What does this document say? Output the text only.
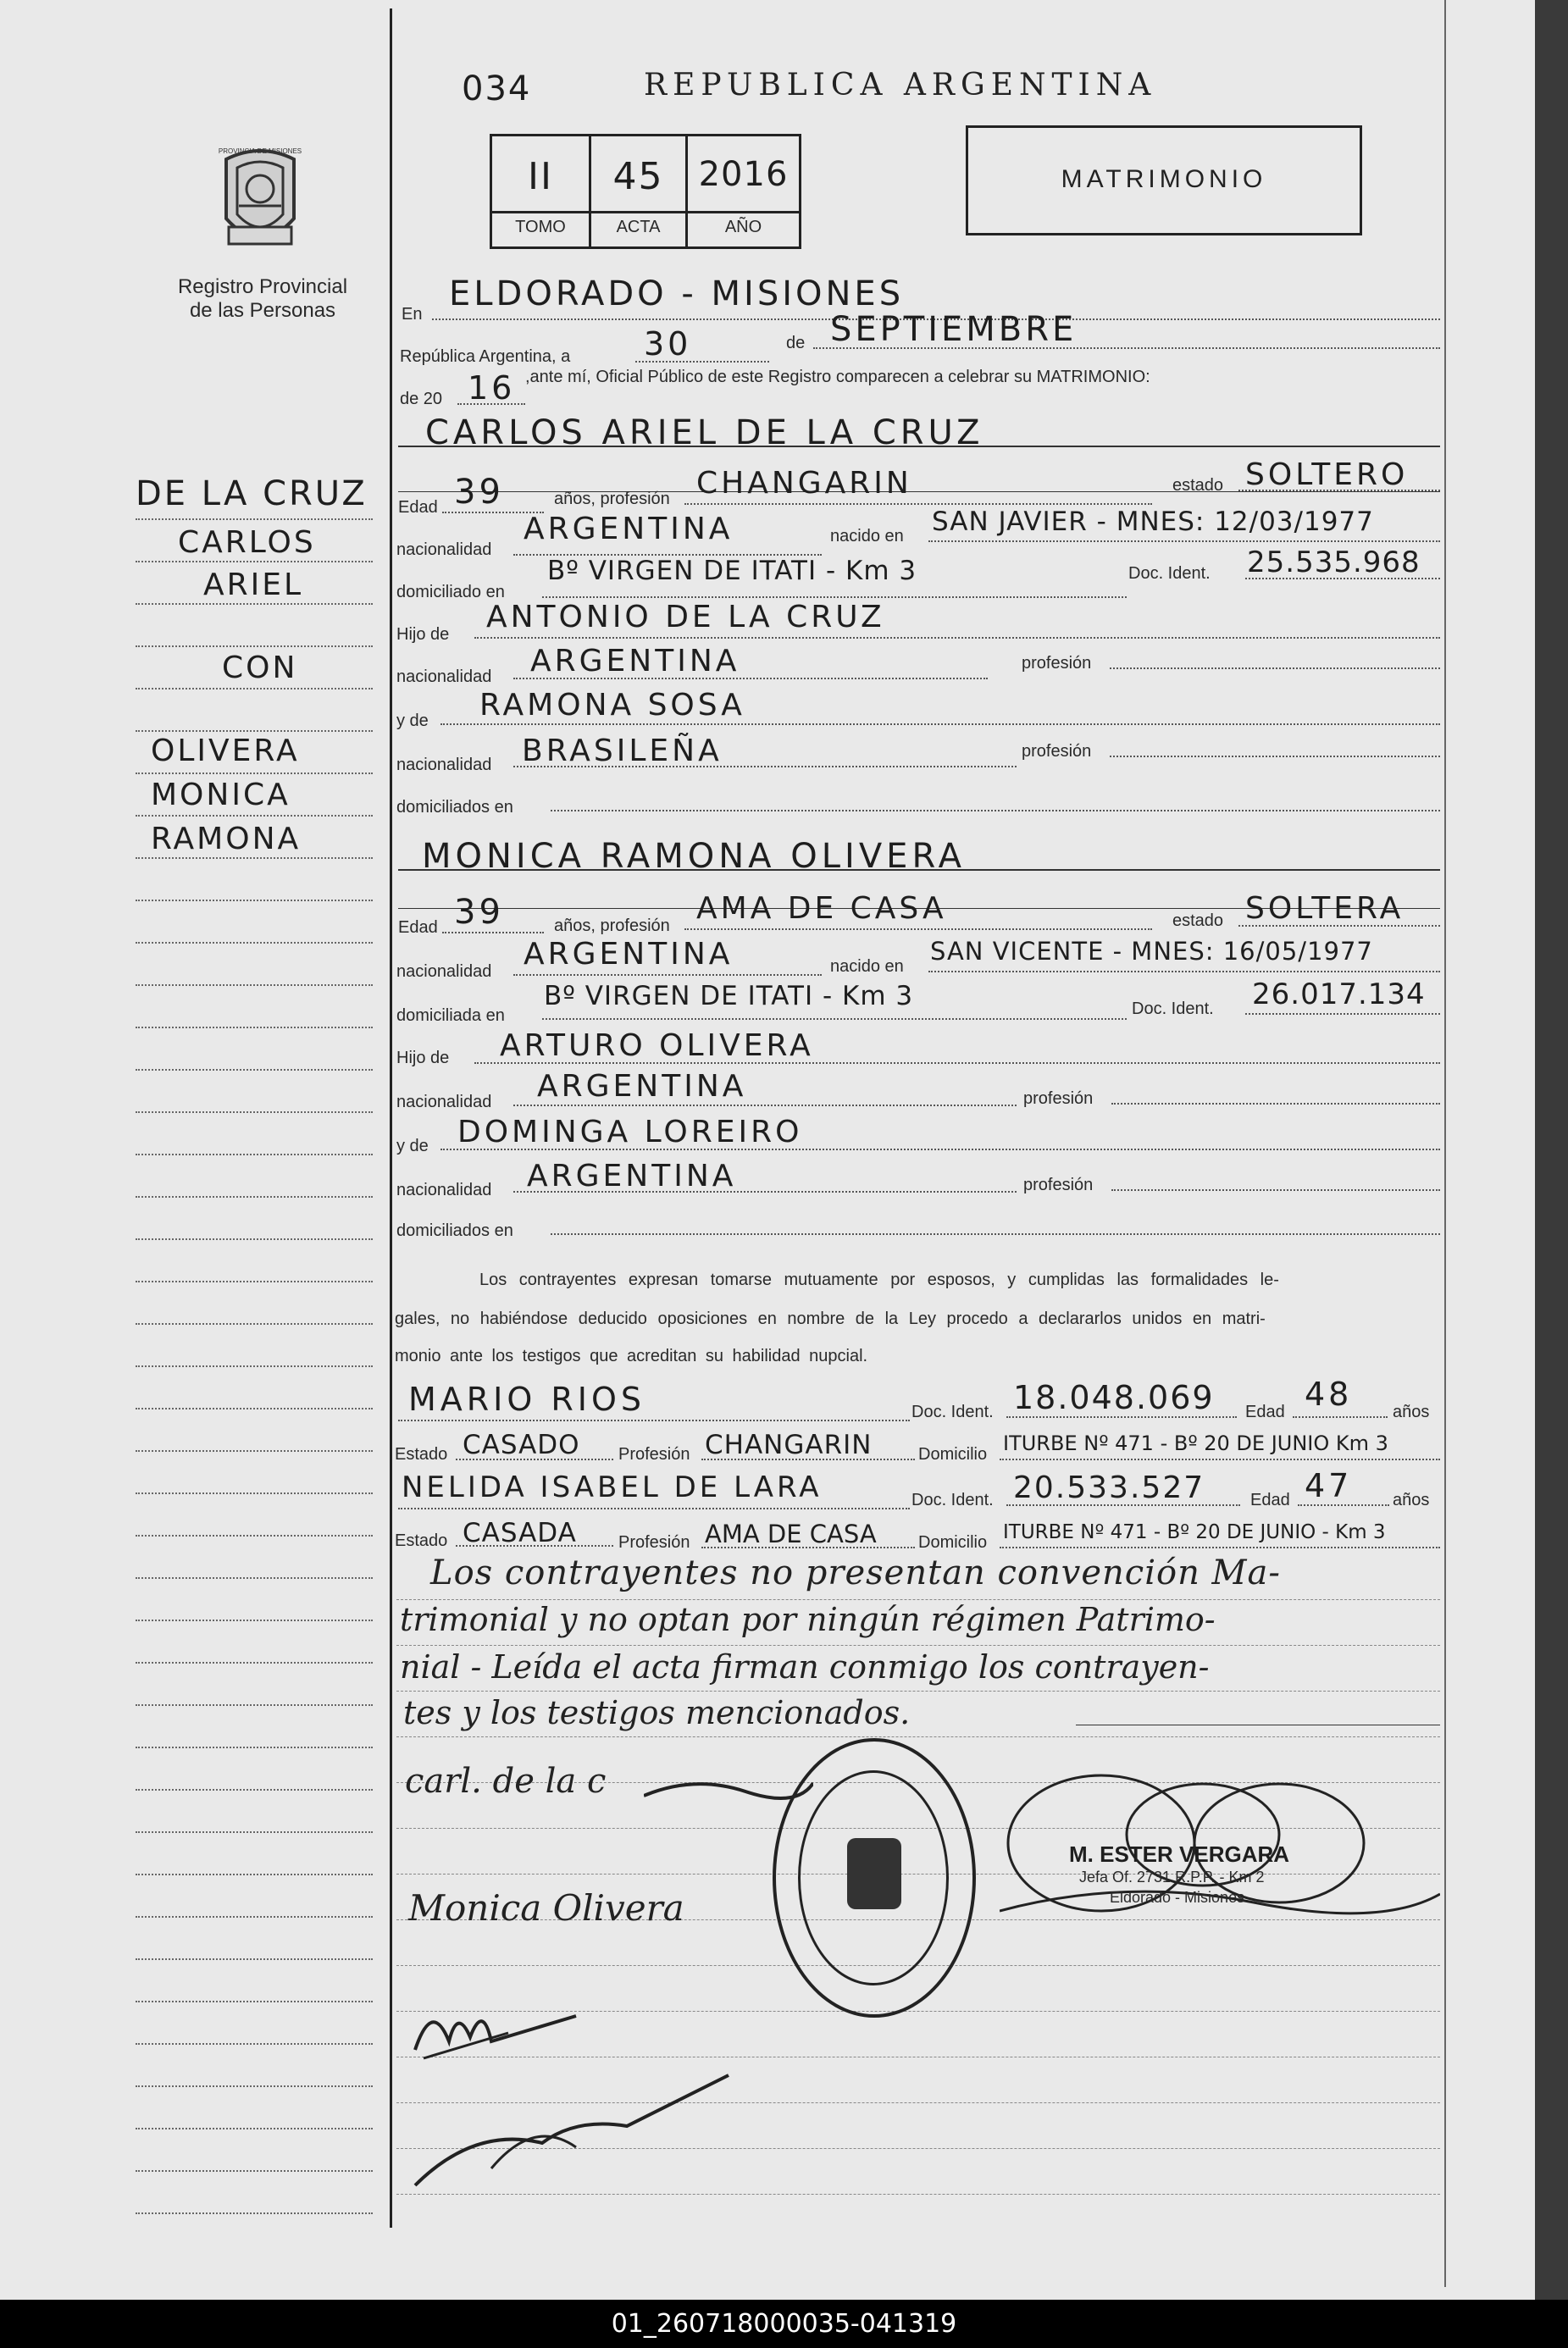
034	REPUBLICA ARGENTINA
PROVINCIA DE MISIONES
Registro Provincial
de las Personas
II	45	2016
TOMO	ACTA	AÑO
MATRIMONIO
DE LA CRUZ
CARLOS
ARIEL
CON
OLIVERA
MONICA
RAMONA
En
ELDORADO - MISIONES
República Argentina, a 30	de SEPTIEMBRE
de 20 16 ,ante mí, Oficial Público de este Registro comparecen a celebrar su MATRIMONIO:
CARLOS ARIEL DE LA CRUZ
Edad 39	años, profesión CHANGARIN	estado SOLTERO
nacionalidad
ARGENTINA	nacido en SAN JAVIER - MNES: 12/03/1977
domiciliado en
Bº VIRGEN DE ITATI - Km 3	Doc. Ident. 25.535.968
Hijo de ANTONIO DE LA CRUZ
nacionalidad ARGENTINA	profesión
y de RAMONA SOSA
nacionalidad BRASILEÑA	profesión
domiciliados en
MONICA RAMONA OLIVERA
Edad 39	años, profesión AMA DE CASA	estado SOLTERA
nacionalidad ARGENTINA	nacido en
SAN VICENTE - MNES: 16/05/1977
domiciliada en
Bº VIRGEN DE ITATI - Km 3	Doc. Ident. 26.017.134
Hijo de ARTURO OLIVERA
nacionalidad ARGENTINA	profesión
y de DOMINGA LOREIRO
nacionalidad ARGENTINA	profesión
domiciliados en
Los contrayentes expresan tomarse mutuamente por esposos, y cumplidas las formalidades le-
gales, no habiéndose deducido oposiciones en nombre de la Ley procedo a declararlos unidos en matri-
monio ante los testigos que acreditan su habilidad nupcial.
MARIO RIOS	Doc. Ident. 18.048.069 Edad 48 años
Estado CASADO Profesión CHANGARIN	Domicilio ITURBE Nº 471 - Bº 20 DE JUNIO Km 3
NELIDA ISABEL DE LARA	Doc. Ident. 20.533.527	Edad 47 años
Estado CASADA Profesión AMA DE CASA Domicilio ITURBE Nº 471 - Bº 20 DE JUNIO - Km 3
Los contrayentes no presentan convención Ma-
trimonial y no optan por ningún régimen Patrimo-
nial - Leída el acta firman conmigo los contrayen-
tes y los testigos mencionados.
carl. de la c
Monica Olivera
M. ESTER VERGARA
Jefa Of. 2731 R.P.P. - Km 2
Eldorado - Misiones
01_260718000035-041319
